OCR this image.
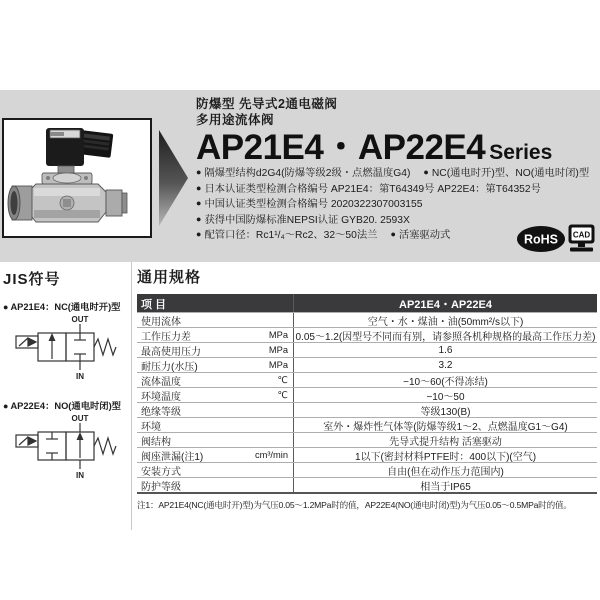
防爆型 先导式2通电磁阀
多用途流体阀
AP21E4・AP22E4 Series
● 隔爆型结构d2G4(防爆等级2级・点燃温度G4) ● NC(通电时开)型、NO(通电时闭)型
● 日本认证类型检测合格编号 AP21E4：第T64349号 AP22E4：第T64352号
● 中国认证类型检测合格编号 2020322307003155
● 获得中国防爆标准NEPSI认证 GYB20. 2593X
● 配管口径：Rc1¹/₄～Rc2、32～50法兰 ● 活塞驱动式	RoHS CAD
JIS符号
● AP21E4：NC(通电时开)型
OUT
IN
● AP22E4：NO(通电时闭)型
OUT
IN
通用规格
项 目	AP21E4・AP22E4
使用流体	空气・水・煤油・油(50mm²/s以下)
工作压力差	MPa 0.05～1.2(因型号不同而有别，请参照各机种规格的最高工作压力差)
最高使用压力	MPa	1.6
耐压力(水压)	MPa	3.2
流体温度	℃	−10～60(不得冻结)
环境温度	℃	−10～50
绝缘等级	等级130(B)
环境	室外・爆炸性气体等(防爆等级1～2、点燃温度G1～G4)
阀结构	先导式提升结构 活塞驱动
阀座泄漏(注1)	cm³/min	1以下(密封材料PTFE时：400以下)(空气)
安装方式	自由(但在动作压力范围内)
防护等级	相当于IP65
注1：AP21E4(NC(通电时开)型)为气压0.05～1.2MPa时的值，AP22E4(NO(通电时闭)型)为气压0.05～0.5MPa时的值。
